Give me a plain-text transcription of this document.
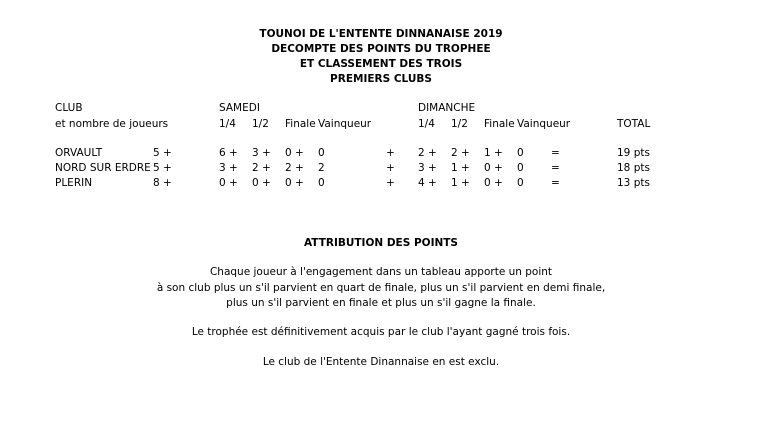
TOUNOI DE L'ENTENTE DINNANAISE 2019
DECOMPTE DES POINTS DU TROPHEE
ET CLASSEMENT DES TROIS
PREMIERS CLUBS
CLUB
et nombre de joueurs
SAMEDI
1/4 1/2 Finale Vainqueur
DIMANCHE
1/4 1/2 Finale Vainqueur	TOTAL
ORVAULT	5 +	6 + 3 + 0 + 0	+ 2 + 2 + 1 + 0	=	19 pts
NORD SUR ERDRE 5 +	3 + 2 + 2 + 2	+ 3 + 1 + 0 + 0	=	18 pts
PLERIN	8 +	0 + 0 + 0 + 0	+ 4 + 1 + 0 + 0	=	13 pts
ATTRIBUTION DES POINTS
Chaque joueur à l'engagement dans un tableau apporte un point
à son club plus un s'il parvient en quart de finale, plus un s'il parvient en demi finale,
plus un s'il parvient en finale et plus un s'il gagne la finale.
Le trophée est définitivement acquis par le club l'ayant gagné trois fois.
Le club de l'Entente Dinannaise en est exclu.
